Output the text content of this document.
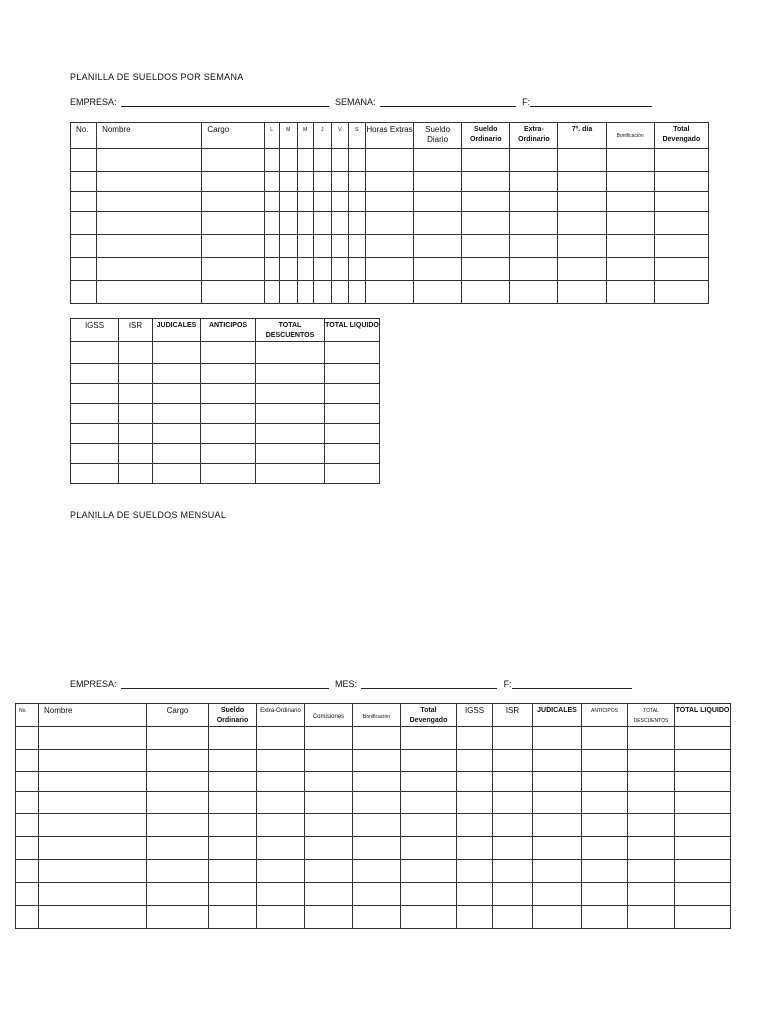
PLANILLA DE SUELDOS POR SEMANA
EMPRESA:	SEMANA:	F:
No.	Nombre	Cargo	L	M	M	J	V	S	Horas Extras	Sueldo Diario	Sueldo Ordinario	Extra-Ordinario	7º. día	Bonificación	Total Devengado

IGSS	ISR	JUDICALES	ANTICIPOS	TOTAL DESCUENTOS	TOTAL LIQUIDO

PLANILLA DE SUELDOS MENSUAL
EMPRESA:	MES:	F:
No.	Nombre	Cargo	Sueldo Ordinario	Extra-Ordinario	Comisiones	Bonificación	Total Devengado	IGSS	ISR	JUDICALES	ANTICIPOS	TOTAL DESCUENTOS	TOTAL LIQUIDO
